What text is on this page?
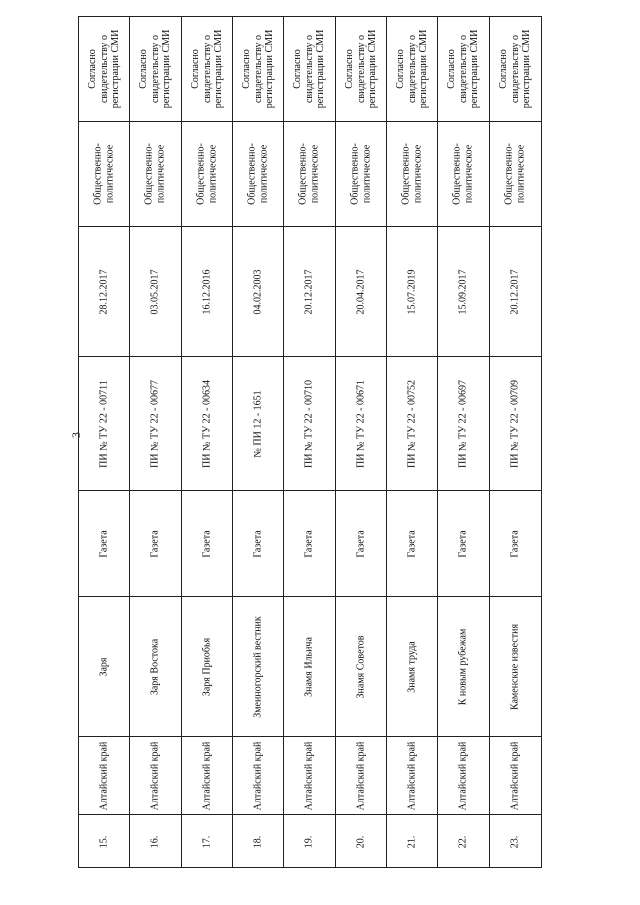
3
Согласно
свидетельству о
регистрации СМИ
Общественно-
политическое
28.12.2017
ПИ № ТУ 22 - 00711
Газета
Заря
Алтайский край
15.
Согласно
свидетельству о
регистрации СМИ
Общественно-
политическое
03.05.2017
ПИ № ТУ 22 - 00677
Газета
Заря Востока
Алтайский край
16.
Согласно
свидетельству о
регистрации СМИ
Общественно-
политическое
16.12.2016
ПИ № ТУ 22 - 00634
Газета
Заря Приобья
Алтайский край
17.
Согласно
свидетельству о
регистрации СМИ
Общественно-
политическое
04.02.2003
№ ПИ 12 - 1651
Газета
Змеиногорский вестник
Алтайский край
18.
Согласно
свидетельству о
регистрации СМИ
Общественно-
политическое
20.12.2017
ПИ № ТУ 22 - 00710
Газета
Знамя Ильича
Алтайский край
19.
Согласно
свидетельству о
регистрации СМИ
Общественно-
политическое
20.04.2017
ПИ № ТУ 22 - 00671
Газета
Знамя Советов
Алтайский край
20.
Согласно
свидетельству о
регистрации СМИ
Общественно-
политическое
15.07.2019
ПИ № ТУ 22 - 00752
Газета
Знамя труда
Алтайский край
21.
Согласно
свидетельству о
регистрации СМИ
Общественно-
политическое
15.09.2017
ПИ № ТУ 22 - 00697
Газета
К новым рубежам
Алтайский край
22.
Согласно
свидетельству о
регистрации СМИ
Общественно-
политическое
20.12.2017
ПИ № ТУ 22 - 00709
Газета
Каменские известия
Алтайский край
23.
